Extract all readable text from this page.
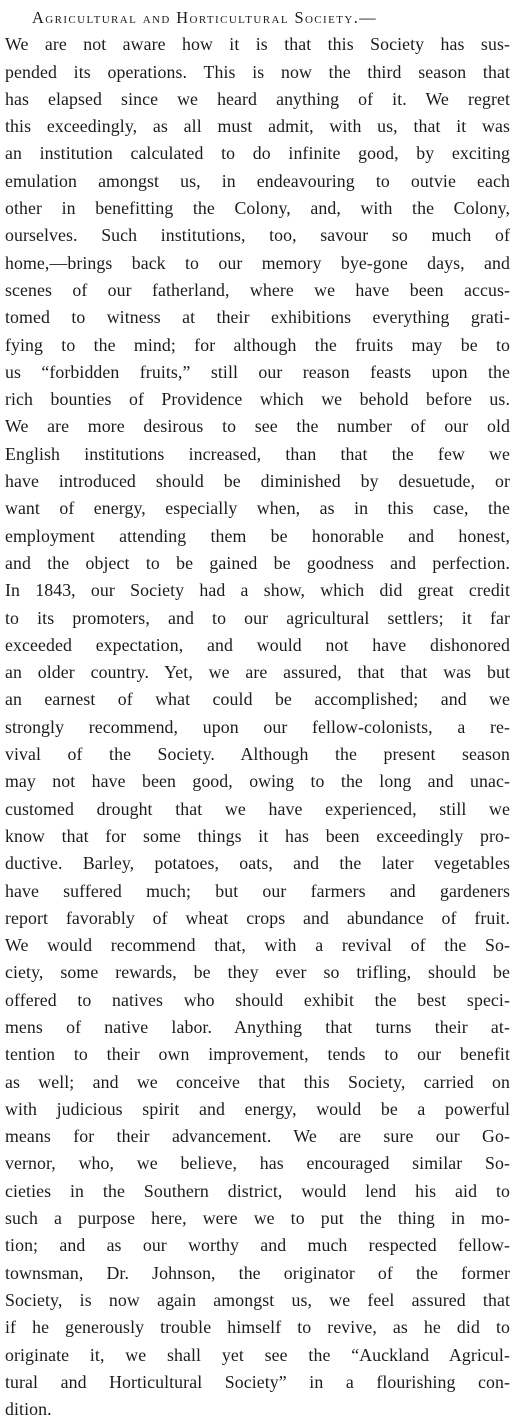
Agricultural and Horticultural Society.—
We are not aware how it is that this Society has sus-
pended its operations. This is now the third season that
has elapsed since we heard anything of it. We regret
this exceedingly, as all must admit, with us, that it was
an institution calculated to do infinite good, by exciting
emulation amongst us, in endeavouring to outvie each
other in benefitting the Colony, and, with the Colony,
ourselves. Such institutions, too, savour so much of
home,—brings back to our memory bye-gone days, and
scenes of our fatherland, where we have been accus-
tomed to witness at their exhibitions everything grati-
fying to the mind; for although the fruits may be to
us “forbidden fruits,” still our reason feasts upon the
rich bounties of Providence which we behold before us.
We are more desirous to see the number of our old
English institutions increased, than that the few we
have introduced should be diminished by desuetude, or
want of energy, especially when, as in this case, the
employment attending them be honorable and honest,
and the object to be gained be goodness and perfection.
In 1843, our Society had a show, which did great credit
to its promoters, and to our agricultural settlers; it far
exceeded expectation, and would not have dishonored
an older country. Yet, we are assured, that that was but
an earnest of what could be accomplished; and we
strongly recommend, upon our fellow-colonists, a re-
vival of the Society. Although the present season
may not have been good, owing to the long and unac-
customed drought that we have experienced, still we
know that for some things it has been exceedingly pro-
ductive. Barley, potatoes, oats, and the later vegetables
have suffered much; but our farmers and gardeners
report favorably of wheat crops and abundance of fruit.
We would recommend that, with a revival of the So-
ciety, some rewards, be they ever so trifling, should be
offered to natives who should exhibit the best speci-
mens of native labor. Anything that turns their at-
tention to their own improvement, tends to our benefit
as well; and we conceive that this Society, carried on
with judicious spirit and energy, would be a powerful
means for their advancement. We are sure our Go-
vernor, who, we believe, has encouraged similar So-
cieties in the Southern district, would lend his aid to
such a purpose here, were we to put the thing in mo-
tion; and as our worthy and much respected fellow-
townsman, Dr. Johnson, the originator of the former
Society, is now again amongst us, we feel assured that
if he generously trouble himself to revive, as he did to
originate it, we shall yet see the “Auckland Agricul-
tural and Horticultural Society” in a flourishing con-
dition.
